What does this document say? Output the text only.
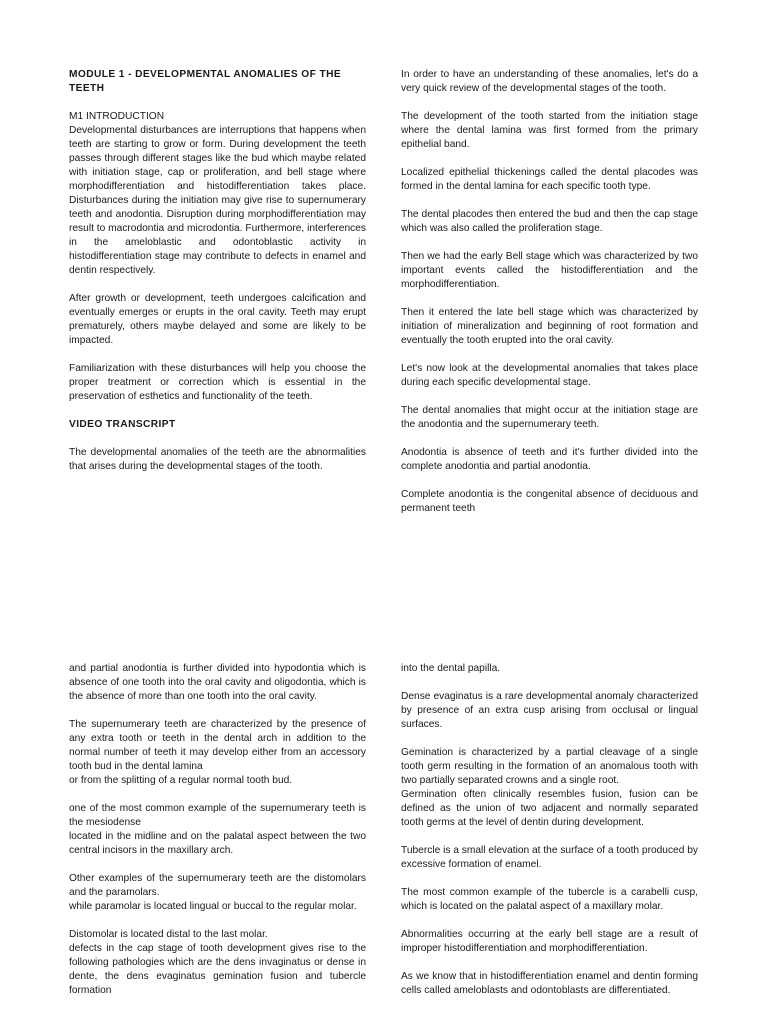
MODULE 1 - DEVELOPMENTAL ANOMALIES OF THE TEETH
M1 INTRODUCTION

Developmental disturbances are interruptions that happens when teeth are starting to grow or form. During development the teeth passes through different stages like the bud which maybe related with initiation stage, cap or proliferation, and bell stage where morphodifferentiation and histodifferentiation takes place. Disturbances during the initiation may give rise to supernumerary teeth and anodontia. Disruption during morphodifferentiation may result to macrodontia and microdontia. Furthermore, interferences in the ameloblastic and odontoblastic activity in histodifferentiation stage may contribute to defects in enamel and dentin respectively.

After growth or development, teeth undergoes calcification and eventually emerges or erupts in the oral cavity. Teeth may erupt prematurely, others maybe delayed and some are likely to be impacted.

Familiarization with these disturbances will help you choose the proper treatment or correction which is essential in the preservation of esthetics and functionality of the teeth.

VIDEO TRANSCRIPT

The developmental anomalies of the teeth are the abnormalities that arises during the developmental stages of the tooth.

In order to have an understanding of these anomalies, let's do a very quick review of the developmental stages of the tooth.

The development of the tooth started from the initiation stage where the dental lamina was first formed from the primary epithelial band.

Localized epithelial thickenings called the dental placodes was formed in the dental lamina for each specific tooth type.

The dental placodes then entered the bud and then the cap stage which was also called the proliferation stage.

Then we had the early Bell stage which was characterized by two important events called the histodifferentiation and the morphodifferentiation.

Then it entered the late bell stage which was characterized by initiation of mineralization and beginning of root formation and eventually the tooth erupted into the oral cavity.

Let's now look at the developmental anomalies that takes place during each specific developmental stage.

The dental anomalies that might occur at the initiation stage are the anodontia and the supernumerary teeth.

Anodontia is absence of teeth and it's further divided into the complete anodontia and partial anodontia.

Complete anodontia is the congenital absence of deciduous and permanent teeth

and partial anodontia is further divided into hypodontia which is absence of one tooth into the oral cavity and oligodontia, which is the absence of more than one tooth into the oral cavity.

The supernumerary teeth are characterized by the presence of any extra tooth or teeth in the dental arch in addition to the normal number of teeth it may develop either from an accessory tooth bud in the dental lamina

or from the splitting of a regular normal tooth bud.

one of the most common example of the supernumerary teeth is the mesiodense

located in the midline and on the palatal aspect between the two central incisors in the maxillary arch.

Other examples of the supernumerary teeth are the distomolars and the paramolars.

while paramolar is located lingual or buccal to the regular molar.

Distomolar is located distal to the last molar.

defects in the cap stage of tooth development gives rise to the following pathologies which are the dens invaginatus or dense in dente, the dens evaginatus gemination fusion and tubercle formation

into the dental papilla.

Dense evaginatus is a rare developmental anomaly characterized by presence of an extra cusp arising from occlusal or lingual surfaces.

Gemination is characterized by a partial cleavage of a single tooth germ resulting in the formation of an anomalous tooth with two partially separated crowns and a single root.

Germination often clinically resembles fusion, fusion can be defined as the union of two adjacent and normally separated tooth germs at the level of dentin during development.

Tubercle is a small elevation at the surface of a tooth produced by excessive formation of enamel.

The most common example of the tubercle is a carabelli cusp, which is located on the palatal aspect of a maxillary molar.

Abnormalities occurring at the early bell stage are a result of improper histodifferentiation and morphodifferentiation.

As we know that in histodifferentiation enamel and dentin forming cells called ameloblasts and odontoblasts are differentiated.
